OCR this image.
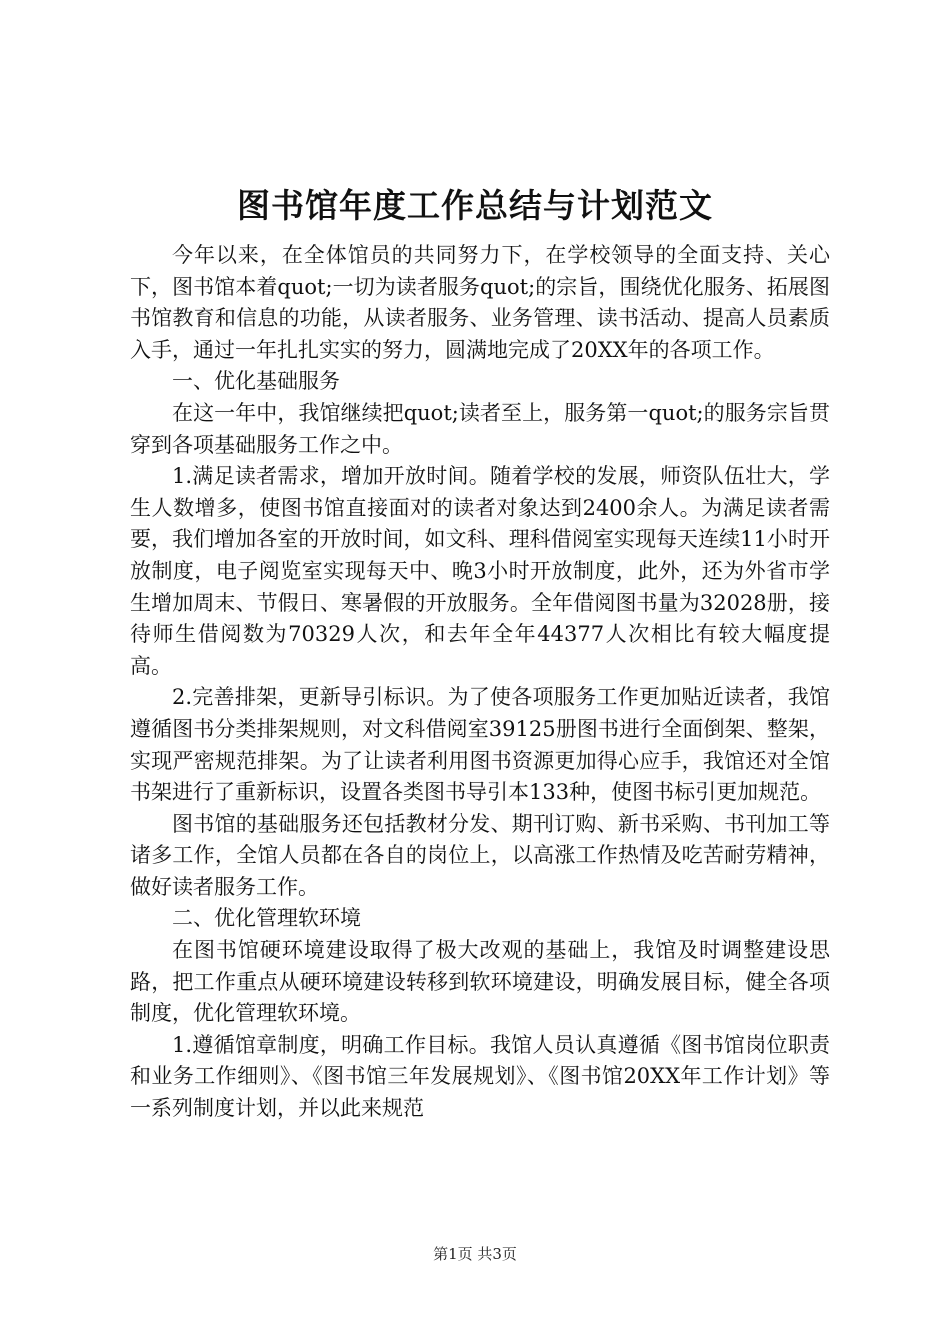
图书馆年度工作总结与计划范文

今年以来，在全体馆员的共同努力下，在学校领导的全面支持、关心下，图书馆本着quot;一切为读者服务quot;的宗旨，围绕优化服务、拓展图书馆教育和信息的功能，从读者服务、业务管理、读书活动、提高人员素质入手，通过一年扎扎实实的努力，圆满地完成了20XX年的各项工作。

一、优化基础服务

在这一年中，我馆继续把quot;读者至上，服务第一quot;的服务宗旨贯穿到各项基础服务工作之中。

1.满足读者需求，增加开放时间。随着学校的发展，师资队伍壮大，学生人数增多，使图书馆直接面对的读者对象达到2400余人。为满足读者需要，我们增加各室的开放时间，如文科、理科借阅室实现每天连续11小时开放制度，电子阅览室实现每天中、晚3小时开放制度，此外，还为外省市学生增加周末、节假日、寒暑假的开放服务。全年借阅图书量为32028册，接待师生借阅数为70329人次，和去年全年44377人次相比有较大幅度提高。

2.完善排架，更新导引标识。为了使各项服务工作更加贴近读者，我馆遵循图书分类排架规则，对文科借阅室39125册图书进行全面倒架、整架，实现严密规范排架。为了让读者利用图书资源更加得心应手，我馆还对全馆书架进行了重新标识，设置各类图书导引本133种，使图书标引更加规范。

图书馆的基础服务还包括教材分发、期刊订购、新书采购、书刊加工等诸多工作，全馆人员都在各自的岗位上，以高涨工作热情及吃苦耐劳精神，做好读者服务工作。

二、优化管理软环境

在图书馆硬环境建设取得了极大改观的基础上，我馆及时调整建设思路，把工作重点从硬环境建设转移到软环境建设，明确发展目标，健全各项制度，优化管理软环境。

1.遵循馆章制度，明确工作目标。我馆人员认真遵循《图书馆岗位职责和业务工作细则》、《图书馆三年发展规划》、《图书馆20XX年工作计划》等一系列制度计划，并以此来规范

第1页 共3页
